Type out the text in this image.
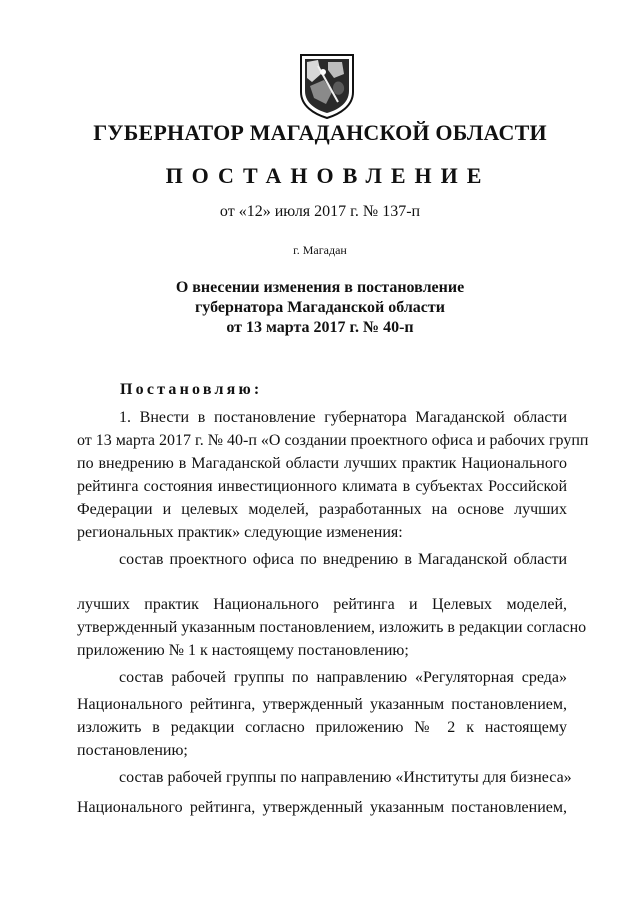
ГУБЕРНАТОР МАГАДАНСКОЙ ОБЛАСТИ
ПОСТАНОВЛЕНИЕ
от «12» июля 2017 г. № 137-п
г. Магадан
О внесении изменения в постановление
губернатора Магаданской области
от 13 марта 2017 г. № 40-п
Постановляю:
1. Внести в постановление губернатора Магаданской области
от 13 марта 2017 г. № 40-п «О создании проектного офиса и рабочих групп
по внедрению в Магаданской области лучших практик Национального
рейтинга состояния инвестиционного климата в субъектах Российской
Федерации и целевых моделей, разработанных на основе лучших
региональных практик» следующие изменения:
состав проектного офиса по внедрению в Магаданской области
лучших практик Национального рейтинга и Целевых моделей,
утвержденный указанным постановлением, изложить в редакции согласно
приложению № 1 к настоящему постановлению;
состав рабочей группы по направлению «Регуляторная среда»
Национального рейтинга, утвержденный указанным постановлением,
изложить в редакции согласно приложению № 2 к настоящему
постановлению;
состав рабочей группы по направлению «Институты для бизнеса»
Национального рейтинга, утвержденный указанным постановлением,
